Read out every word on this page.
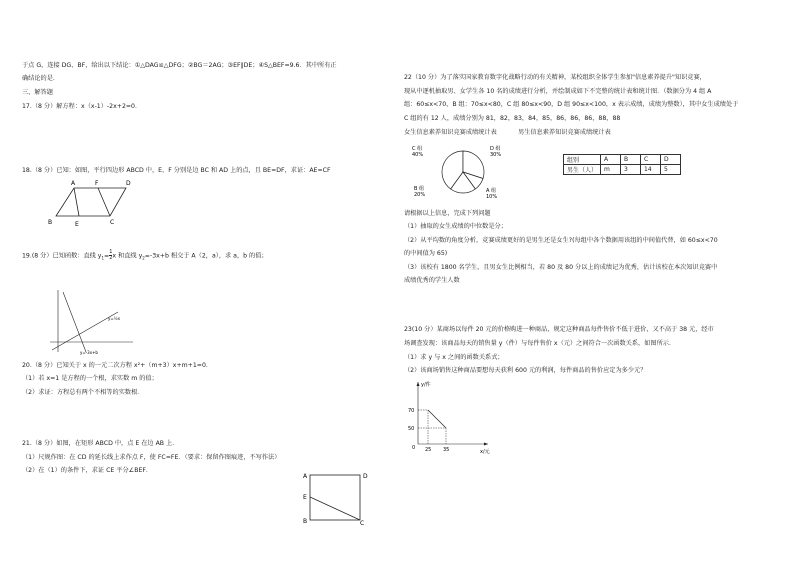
于点 G，连接 DG、BF，给出以下结论：①△DAG≌△DFG；②BG＝2AG；③EF∥DE；④S△BEF=9.6．其中所有正
确结论的是．
三、解答题
17.（8 分）解方程：x（x-1）-2x+2=0．
18.（8 分）已知：如图，平行四边形 ABCD 中，E、F 分别是边 BC 和 AD 上的点，且 BE=DF，求证：AE=CF
A	F	D
B	E	C
19.(8 分）已知函数：直线 $y_1= \frac{1}{2}$ x 和直线 $y_2=-3x+b$ 相交于 A（2，a），求 a，b 的值；
y=½x
y=-3x+b
20.（8 分）已知关于 x 的一元二次方程 x²+（m+3）x+m+1=0．
（1）若 x=1 是方程的一个根，求实数 m 的值；
（2）求证：方程总有两个不相等的实数根．
21.（8 分）如图，在矩形 ABCD 中，点 E 在边 AB 上．
（1）尺规作图：在 CD 的延长线上求作点 F，使 FC=FE．（要求：保留作图痕迹，不写作法）
（2）在（1）的条件下，求证 CE 平分∠BEF．
A	D
E
B	C
22（10 分）为了落实国家教育数字化战略行动的有关精神，某校组织全体学生参加"信息素养提升"知识竞赛，
现从中逐机抽取男、女学生各 10 名的成绩进行分析，并绘制成如下不完整的统计表和统计图．（数据分为 4 组 A
组：60≤x<70，B 组：70≤x<80，C 组 80≤x<90，D 组 90≤x<100，x 表示成绩，成绩为整数），其中女生成绩处于
C 组的有 12 人，成绩分别为 81，82，83，84，85，86，86，86，88，88
女生信息素养知识竞赛成绩统计表	男生信息素养知识竞赛成绩统计表
C 组 40%
D 组 30%
B 组 20%
A 组 10%
组别	A	B	C	D
男生（人）	m	3	14	5
请根据以上信息，完成下列问题
（1）抽取的女生成绩的中位数是分；
（2）从平均数的角度分析，竞赛成绩更好的是男生还是女生?(每组中各个数据用该组的中间值代替，如 60≤x<70
的中间值为 65)
（3）该校有 1800 名学生，且男女生比例相当，若 80 及 80 分以上的成绩记为优秀，估计该校在本次知识竞赛中
成绩优秀的学生人数
23(10 分）某商场以每件 20 元的价格购进一种商品，规定这种商品每件售价不低于进价，又不高于 38 元，经市
场调查发现：该商品每天的销售量 y（件）与每件售价 x（元）之间符合一次函数关系，如图所示．
（1）求 y 与 x 之间的函数关系式；
（2）该商场销售这种商品要想每天获利 600 元的利润，每件商品的售价应定为多少元？
y/件
x/元
70
50
25 35
0
